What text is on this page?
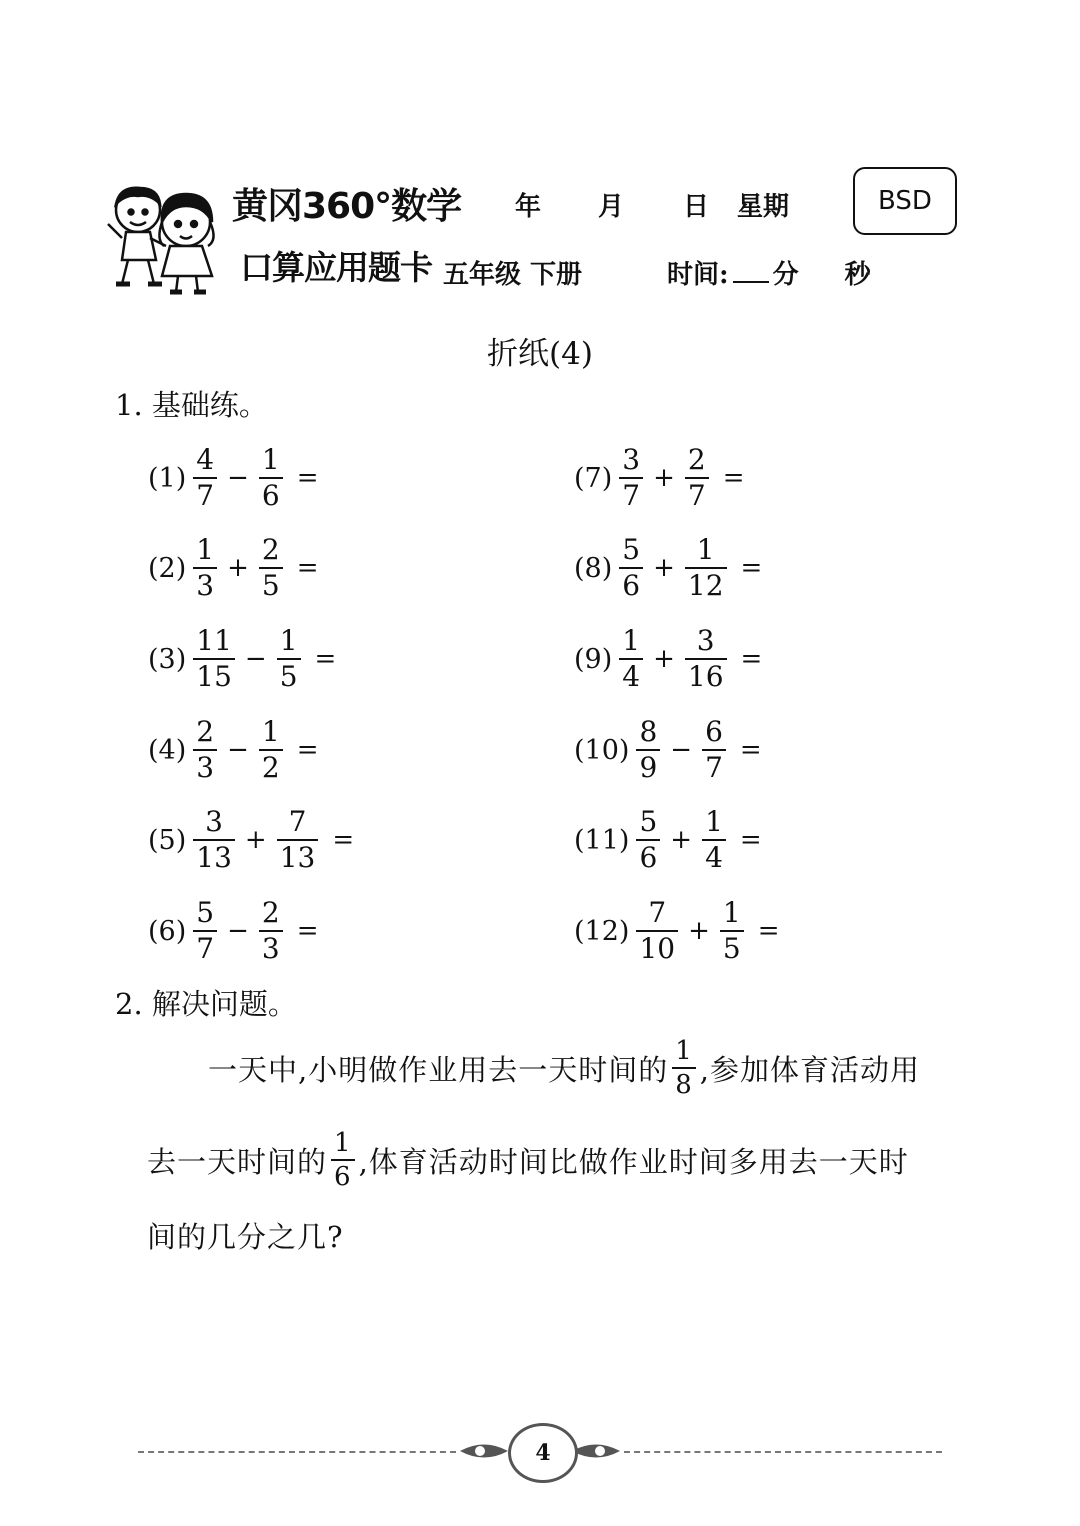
黄冈360°数学
口算应用题卡
年 月 日 星期
五年级 下册	时间: 分 秒
BSD
折纸(4)
1. 基础练。
$(1) \frac{4}{7} - \frac{1}{6}$ =
$(2) \frac{1}{3} + \frac{2}{5}$ =
$(3) \frac{11}{15} - \frac{1}{5}$ =
$(4) \frac{2}{3} - \frac{1}{2}$ =
$(5) \frac{3}{13} + \frac{7}{13}$ =
$(6) \frac{5}{7} - \frac{2}{3}$ =
$(7) \frac{3}{7} + \frac{2}{7}$ =
$(8) \frac{5}{6} + \frac{1}{12}$ =
$(9) \frac{1}{4} + \frac{3}{16}$ =
$(10) \frac{8}{9} - \frac{6}{7}$ =
$(11) \frac{5}{6} + \frac{1}{4}$ =
$(12) \frac{7}{10} + \frac{1}{5}$ =
2. 解决问题。
一天中,小明做作业用去一天时间的 $\frac{1}{8}$ ,参加体育活动用
去一天时间的 $\frac{1}{6}$ ,体育活动时间比做作业时间多用去一天时
间的几分之几?
4
